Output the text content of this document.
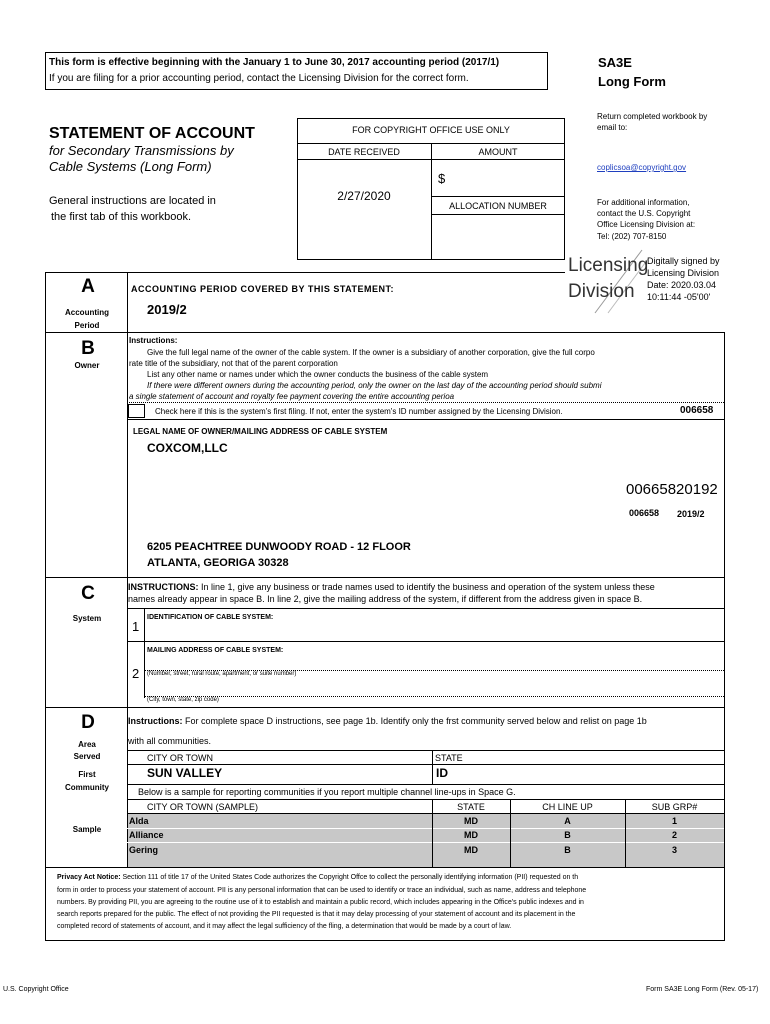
This form is effective beginning with the January 1 to June 30, 2017 accounting period (2017/1)
If you are filing for a prior accounting period, contact the Licensing Division for the correct form.
SA3E
Long Form
STATEMENT OF ACCOUNT
for Secondary Transmissions by
Cable Systems (Long Form)
General instructions are located in
the first tab of this workbook.
FOR COPYRIGHT OFFICE USE ONLY
DATE RECEIVED	AMOUNT
2/27/2020
$
ALLOCATION NUMBER
Return completed workbook by
email to:
coplicsoa@copyright.gov
For additional information,
contact the U.S. Copyright
Office Licensing Division at:
Tel: (202) 707-8150
Licensing
Division
Digitally signed by
Licensing Division
Date: 2020.03.04
10:11:44 -05'00'
A
Accounting
Period
ACCOUNTING PERIOD COVERED BY THIS STATEMENT:
2019/2
B
Owner
Instructions:
Give the full legal name of the owner of the cable system. If the owner is a subsidiary of another corporation, give the full corpo
rate title of the subsidiary, not that of the parent corporation
List any other name or names under which the owner conducts the business of the cable system
If there were different owners during the accounting period, only the owner on the last day of the accounting period should submi
a single statement of account and royalty fee payment covering the entire accounting perioa
Check here if this is the system's first filing. If not, enter the system's ID number assigned by the Licensing Division.	006658
LEGAL NAME OF OWNER/MAILING ADDRESS OF CABLE SYSTEM
COXCOM,LLC
00665820192
006658 2019/2
6205 PEACHTREE DUNWOODY ROAD - 12 FLOOR
ATLANTA, GEORIGA 30328
C
System
INSTRUCTIONS: In line 1, give any business or trade names used to identify the business and operation of the system unless these
names already appear in space B. In line 2, give the mailing address of the system, if different from the address given in space B.
1
IDENTIFICATION OF CABLE SYSTEM:
MAILING ADDRESS OF CABLE SYSTEM:
2 (Number, street, rural route, apartment, or suite number)
(City, town, state, zip code)
D
Area
Served
First
Community
Sample
Instructions: For complete space D instructions, see page 1b. Identify only the frst community served below and relist on page 1b
with all communities.
CITY OR TOWN	STATE
SUN VALLEY	ID
Below is a sample for reporting communities if you report multiple channel line-ups in Space G.
CITY OR TOWN (SAMPLE)	STATE	CH LINE UP	SUB GRP#
Alda	MD	A	1
Alliance	MD	B	2
Gering	MD	B	3
Privacy Act Notice: Section 111 of title 17 of the United States Code authorizes the Copyright Offce to collect the personally identifying information (PII) requested on th
form in order to process your statement of account. PII is any personal information that can be used to identify or trace an individual, such as name, address and telephone
numbers. By providing PII, you are agreeing to the routine use of it to establish and maintain a public record, which includes appearing in the Office's public indexes and in
search reports prepared for the public. The effect of not providing the PII requested is that it may delay processing of your statement of account and its placement in the
completed record of statements of account, and it may affect the legal sufficiency of the fling, a determination that would be made by a court of law.
U.S. Copyright Office	Form SA3E Long Form (Rev. 05-17)
